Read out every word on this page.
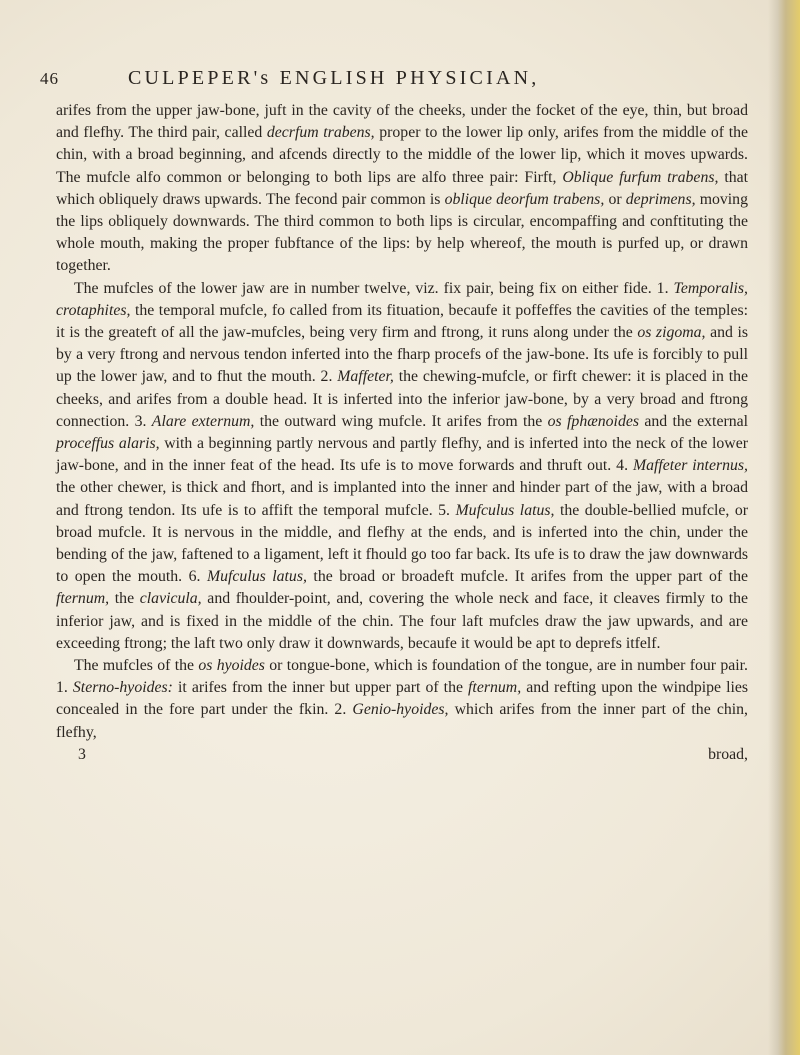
46	CULPEPER's ENGLISH PHYSICIAN,

arifes from the upper jaw-bone, juft in the cavity of the cheeks, under the focket of the eye, thin, but broad and flefhy. The third pair, called decrfum trabens, proper to the lower lip only, arifes from the middle of the chin, with a broad beginning, and afcends directly to the middle of the lower lip, which it moves upwards. The mufcle alfo common or belonging to both lips are alfo three pair: Firft, Oblique furfum trabens, that which obliquely draws upwards. The fecond pair common is oblique deorfum trabens, or deprimens, moving the lips obliquely downwards. The third common to both lips is circular, encompaffing and conftituting the whole mouth, making the proper fubftance of the lips: by help whereof, the mouth is purfed up, or drawn together.

The mufcles of the lower jaw are in number twelve, viz. fix pair, being fix on either fide. 1. Temporalis, crotaphites, the temporal mufcle, fo called from its fituation, becaufe it poffeffes the cavities of the temples: it is the greateft of all the jaw-mufcles, being very firm and ftrong, it runs along under the os zigoma, and is by a very ftrong and nervous tendon inferted into the fharp procefs of the jaw-bone. Its ufe is forcibly to pull up the lower jaw, and to fhut the mouth. 2. Maffeter, the chewing-mufcle, or firft chewer: it is placed in the cheeks, and arifes from a double head. It is inferted into the inferior jaw-bone, by a very broad and ftrong connection. 3. Alare externum, the outward wing mufcle. It arifes from the os fphænoides and the external proceffus alaris, with a beginning partly nervous and partly flefhy, and is inferted into the neck of the lower jaw-bone, and in the inner feat of the head. Its ufe is to move forwards and thruft out. 4. Maffeter internus, the other chewer, is thick and fhort, and is implanted into the inner and hinder part of the jaw, with a broad and ftrong tendon. Its ufe is to affift the temporal mufcle. 5. Mufculus latus, the double-bellied mufcle, or broad mufcle. It is nervous in the middle, and flefhy at the ends, and is inferted into the chin, under the bending of the jaw, faftened to a ligament, left it fhould go too far back. Its ufe is to draw the jaw downwards to open the mouth. 6. Mufculus latus, the broad or broadeft mufcle. It arifes from the upper part of the fternum, the clavicula, and fhoulder-point, and, covering the whole neck and face, it cleaves firmly to the inferior jaw, and is fixed in the middle of the chin. The four laft mufcles draw the jaw upwards, and are exceeding ftrong; the laft two only draw it downwards, becaufe it would be apt to deprefs itfelf.

The mufcles of the os hyoides or tongue-bone, which is foundation of the tongue, are in number four pair. 1. Sterno-hyoides: it arifes from the inner but upper part of the fternum, and refting upon the windpipe lies concealed in the fore part under the fkin. 2. Genio-hyoides, which arifes from the inner part of the chin, flefhy,

3	broad,
